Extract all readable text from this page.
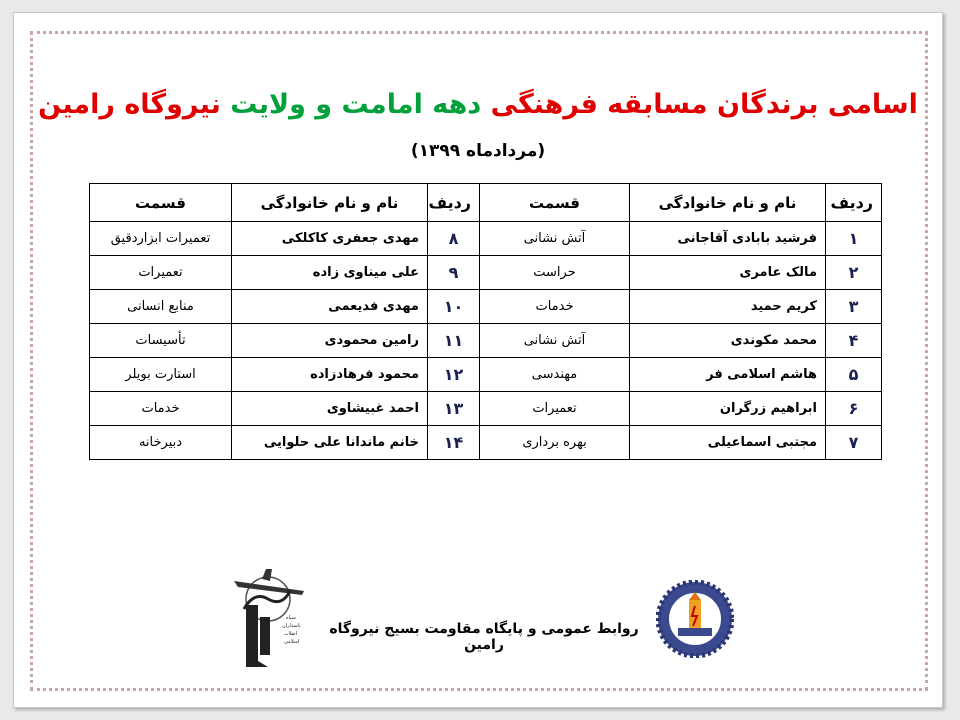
اسامی برندگان مسابقه فرهنگی دهه امامت و ولایت نیروگاه رامین
(مردادماه ۱۳۹۹)
ردیف	نام و نام خانوادگی	قسمت	ردیف	نام و نام خانوادگی	قسمت
۱	فرشید بابادی آقاجانی	آتش نشانی	۸	مهدی جعفری کاکلکی	تعمیرات ابزاردقیق
۲	مالک عامری	حراست	۹	علی میناوی زاده	تعمیرات
۳	کریم حمید	خدمات	۱۰	مهدی فدیعمی	منابع انسانی
۴	محمد مکوندی	آتش نشانی	۱۱	رامین محمودی	تأسیسات
۵	هاشم اسلامی فر	مهندسی	۱۲	محمود فرهادزاده	استارت بویلر
۶	ابراهیم زرگران	تعمیرات	۱۳	احمد غبیشاوی	خدمات
۷	مجتبی اسماعیلی	بهره برداری	۱۴	خانم ماندانا علی حلوایی	دبیرخانه
سپاه
پاسداران
انقلاب
اسلامی
روابط عمومی و پایگاه مقاومت بسیج نیروگاه رامین
